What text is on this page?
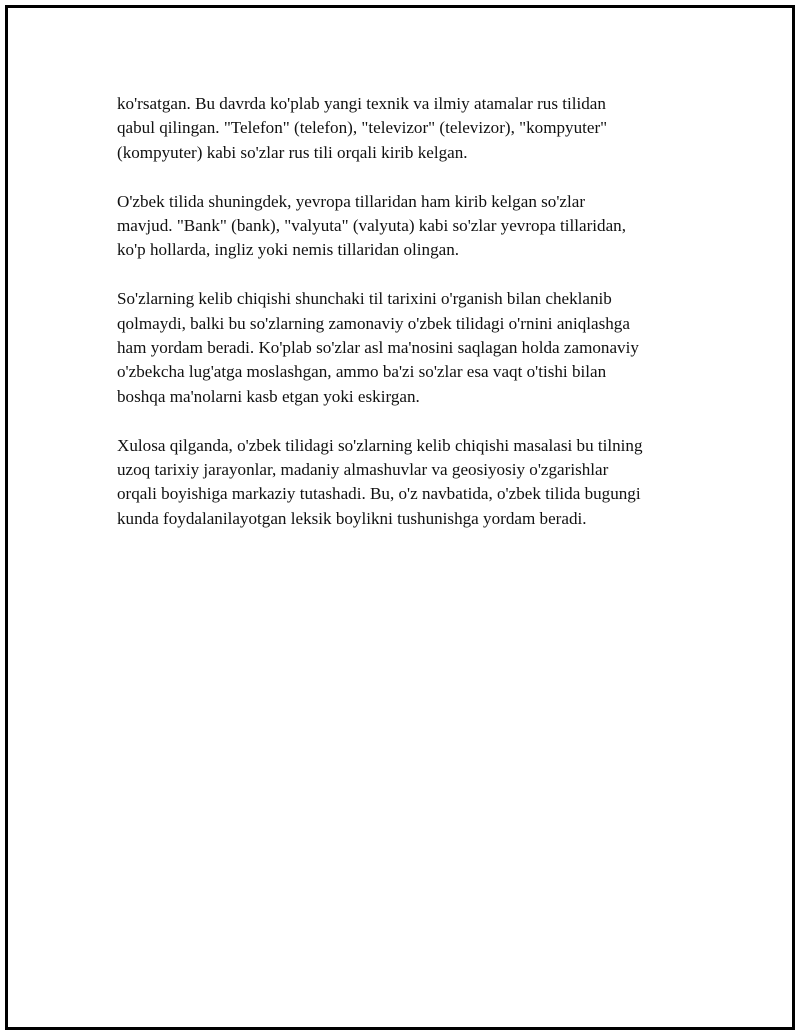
ko'rsatgan. Bu davrda ko'plab yangi texnik va ilmiy atamalar rus tilidan
qabul qilingan. "Telefon" (telefon), "televizor" (televizor), "kompyuter"
(kompyuter) kabi so'zlar rus tili orqali kirib kelgan.

O'zbek tilida shuningdek, yevropa tillaridan ham kirib kelgan so'zlar
mavjud. "Bank" (bank), "valyuta" (valyuta) kabi so'zlar yevropa tillaridan,
ko'p hollarda, ingliz yoki nemis tillaridan olingan.

So'zlarning kelib chiqishi shunchaki til tarixini o'rganish bilan cheklanib
qolmaydi, balki bu so'zlarning zamonaviy o'zbek tilidagi o'rnini aniqlashga
ham yordam beradi. Ko'plab so'zlar asl ma'nosini saqlagan holda zamonaviy
o'zbekcha lug'atga moslashgan, ammo ba'zi so'zlar esa vaqt o'tishi bilan
boshqa ma'nolarni kasb etgan yoki eskirgan.

Xulosa qilganda, o'zbek tilidagi so'zlarning kelib chiqishi masalasi bu tilning
uzoq tarixiy jarayonlar, madaniy almashuvlar va geosiyosiy o'zgarishlar
orqali boyishiga markaziy tutashadi. Bu, o'z navbatida, o'zbek tilida bugungi
kunda foydalanilayotgan leksik boylikni tushunishga yordam beradi.
